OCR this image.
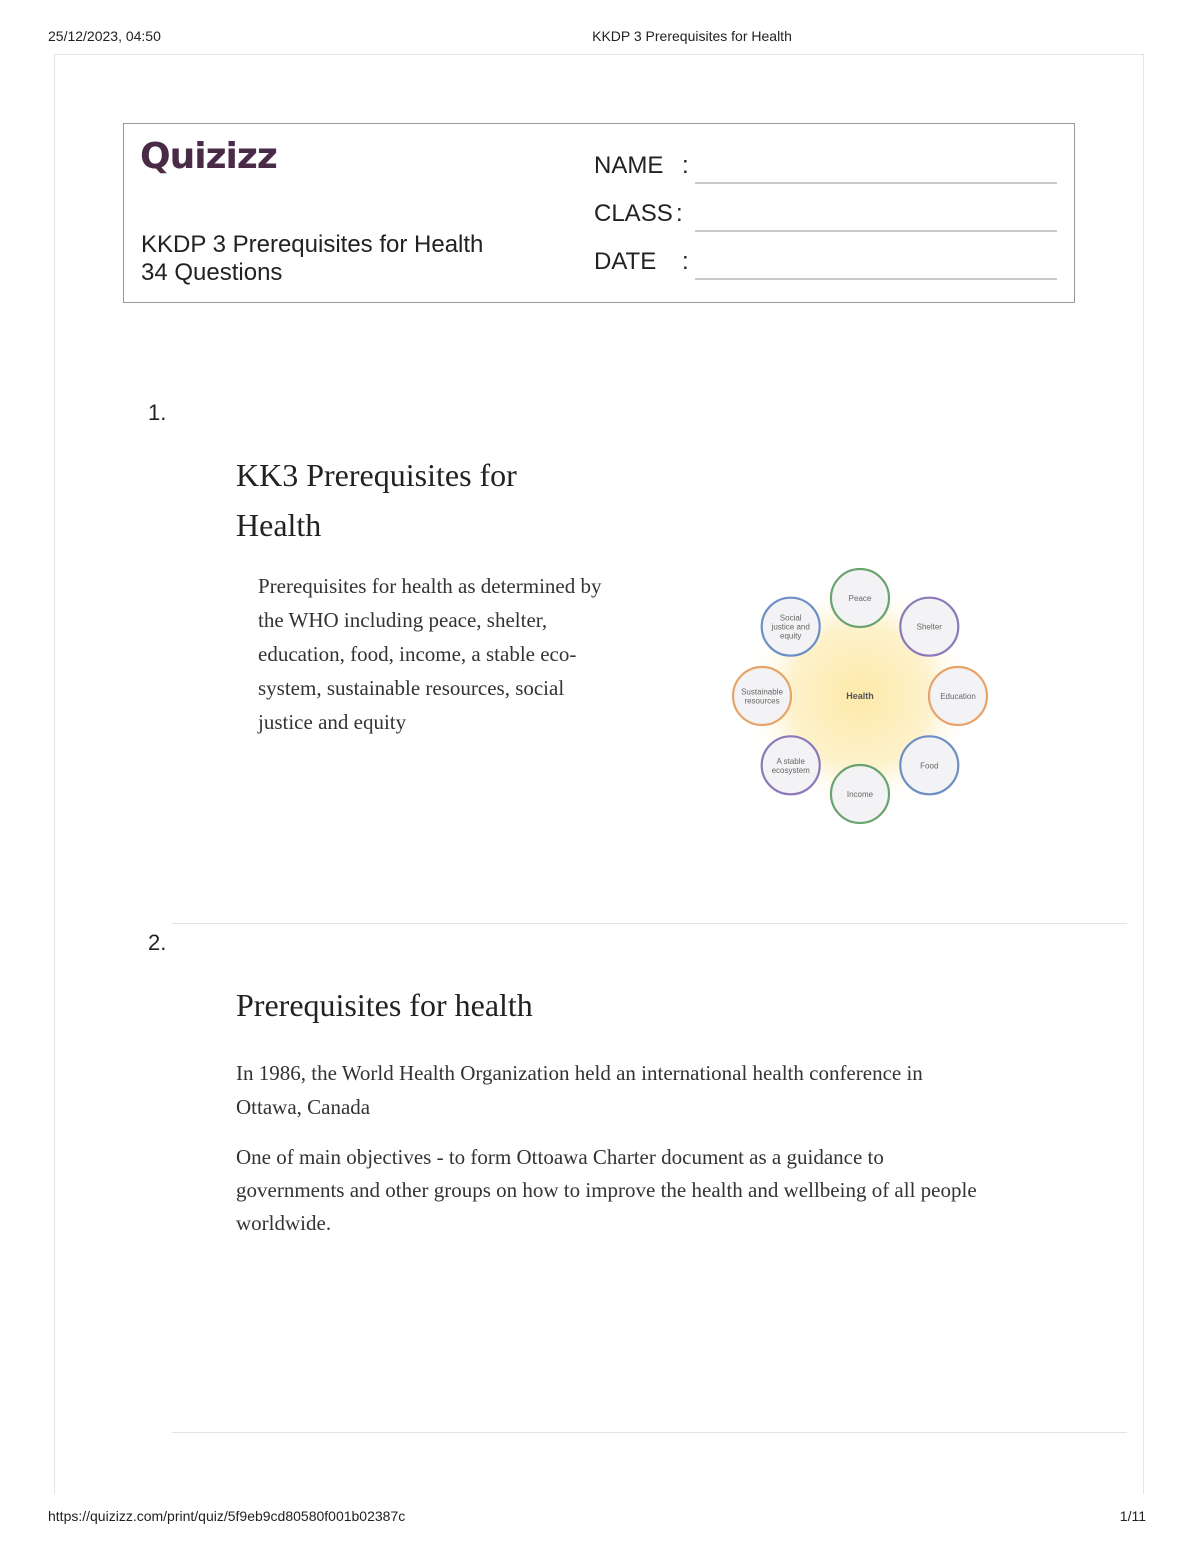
25/12/2023, 04:50	KKDP 3 Prerequisites for Health
Quizizz
KKDP 3 Prerequisites for Health
34 Questions
NAME :
CLASS :
DATE :
1.
KK3 Prerequisites for
Health
Prerequisites for health as determined by
the WHO including peace, shelter,
education, food, income, a stable eco-
system, sustainable resources, social
justice and equity
Health
Peace
Shelter
Education
Food
Income
A stable
ecosystem
Sustainable
resources
Social
justice and
equity
2.
Prerequisites for health
In 1986, the World Health Organization held an international health conference in
Ottawa, Canada
One of main objectives - to form Ottoawa Charter document as a guidance to
governments and other groups on how to improve the health and wellbeing of all people
worldwide.
https://quizizz.com/print/quiz/5f9eb9cd80580f001b02387c	1/11
